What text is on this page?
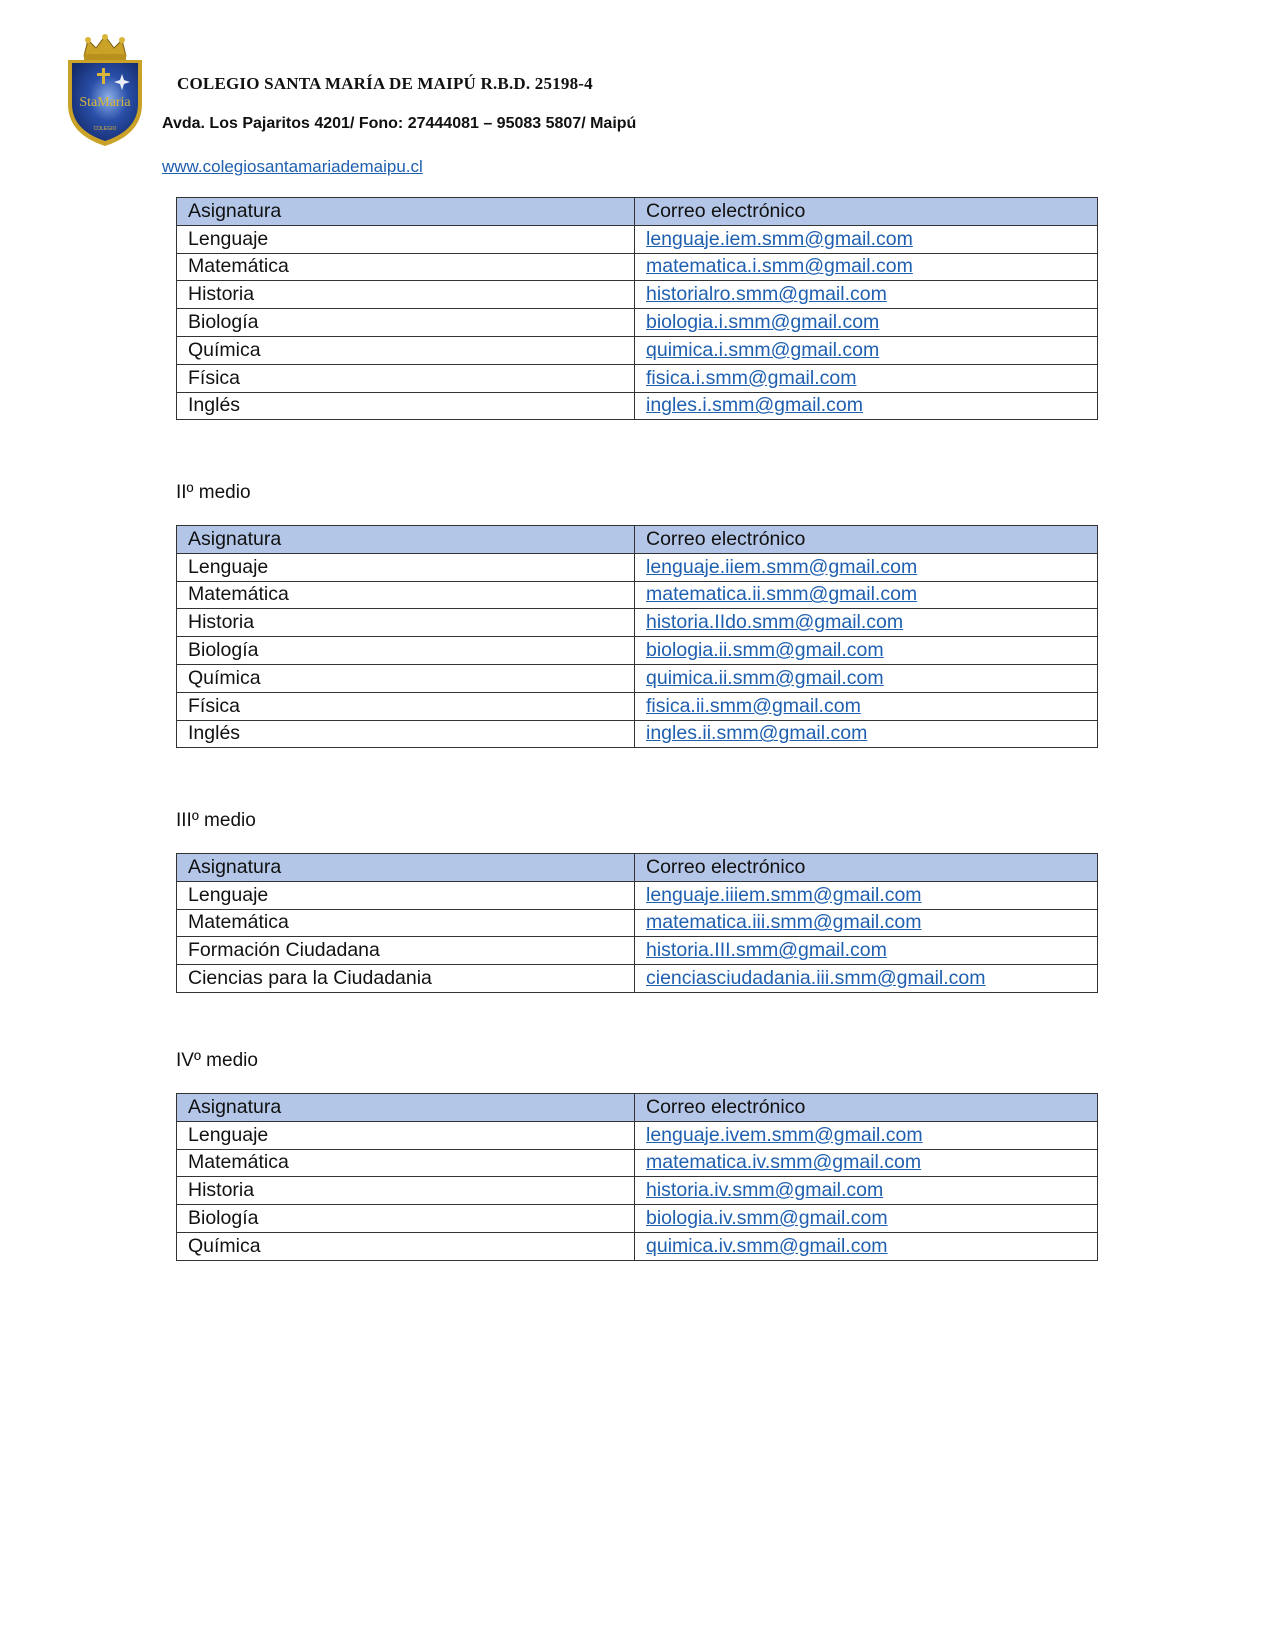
StaMaria
COLEGIO
COLEGIO SANTA MARÍA DE MAIPÚ R.B.D. 25198-4
Avda. Los Pajaritos 4201/ Fono: 27444081 – 95083 5807/ Maipú
www.colegiosantamariademaipu.cl
Asignatura	Correo electrónico
Lenguaje	lenguaje.iem.smm@gmail.com
Matemática	matematica.i.smm@gmail.com
Historia	historialro.smm@gmail.com
Biología	biologia.i.smm@gmail.com
Química	quimica.i.smm@gmail.com
Física	fisica.i.smm@gmail.com
Inglés	ingles.i.smm@gmail.com
IIº medio
Asignatura	Correo electrónico
Lenguaje	lenguaje.iiem.smm@gmail.com
Matemática	matematica.ii.smm@gmail.com
Historia	historia.IIdo.smm@gmail.com
Biología	biologia.ii.smm@gmail.com
Química	quimica.ii.smm@gmail.com
Física	fisica.ii.smm@gmail.com
Inglés	ingles.ii.smm@gmail.com
IIIº medio
Asignatura	Correo electrónico
Lenguaje	lenguaje.iiiem.smm@gmail.com
Matemática	matematica.iii.smm@gmail.com
Formación Ciudadana	historia.III.smm@gmail.com
Ciencias para la Ciudadania	cienciasciudadania.iii.smm@gmail.com
IVº medio
Asignatura	Correo electrónico
Lenguaje	lenguaje.ivem.smm@gmail.com
Matemática	matematica.iv.smm@gmail.com
Historia	historia.iv.smm@gmail.com
Biología	biologia.iv.smm@gmail.com
Química	quimica.iv.smm@gmail.com
